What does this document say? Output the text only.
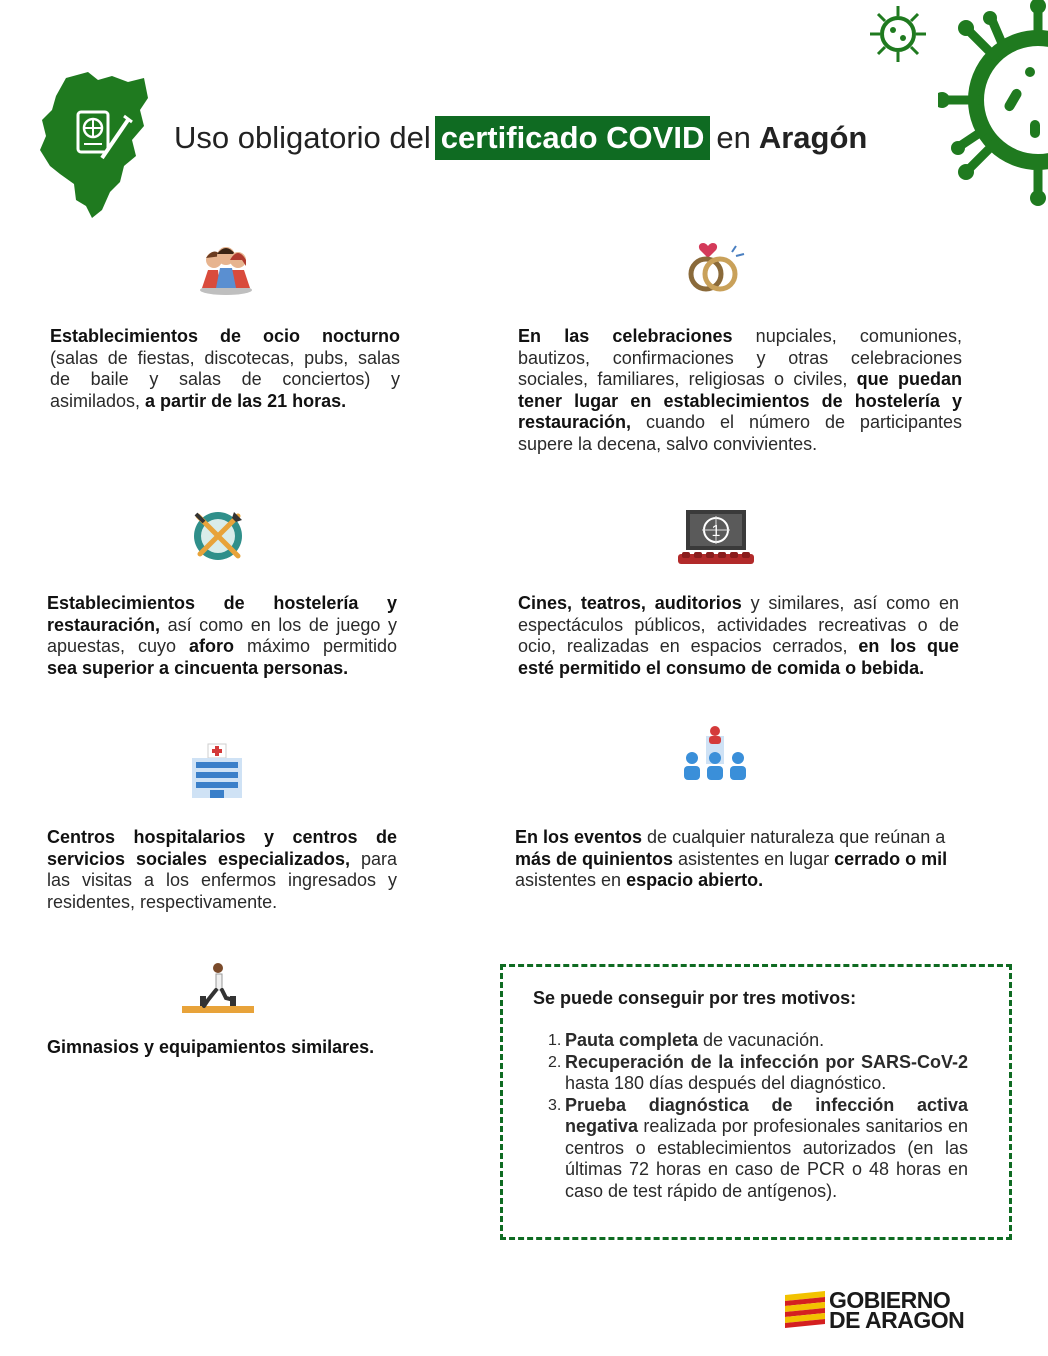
Uso obligatorio del certificado COVID en Aragón
Establecimientos de ocio nocturno (salas de fiestas, discotecas, pubs, salas de baile y salas de conciertos) y asimilados, a partir de las 21 horas.
En las celebraciones nupciales, comuniones, bautizos, confirmaciones y otras celebraciones sociales, familiares, religiosas o civiles, que puedan tener lugar en establecimientos de hostelería y restauración, cuando el número de participantes supere la decena, salvo convivientes.
Establecimientos de hostelería y restauración, así como en los de juego y apuestas, cuyo aforo máximo permitido sea superior a cincuenta personas.
1
Cines, teatros, auditorios y similares, así como en espectáculos públicos, actividades recreativas o de ocio, realizadas en espacios cerrados, en los que esté permitido el consumo de comida o bebida.
Centros hospitalarios y centros de servicios sociales especializados, para las visitas a los enfermos ingresados y residentes, respectivamente.
En los eventos de cualquier naturaleza que reúnan a más de quinientos asistentes en lugar cerrado o mil asistentes en espacio abierto.
Gimnasios y equipamientos similares.
Se puede conseguir por tres motivos:
1. Pauta completa de vacunación.
2. Recuperación de la infección por SARS-CoV-2 hasta 180 días después del diagnóstico.
3. Prueba diagnóstica de infección activa negativa realizada por profesionales sanitarios en centros o establecimientos autorizados (en las últimas 72 horas en caso de PCR o 48 horas en caso de test rápido de antígenos).
GOBIERNO
DE ARAGON
